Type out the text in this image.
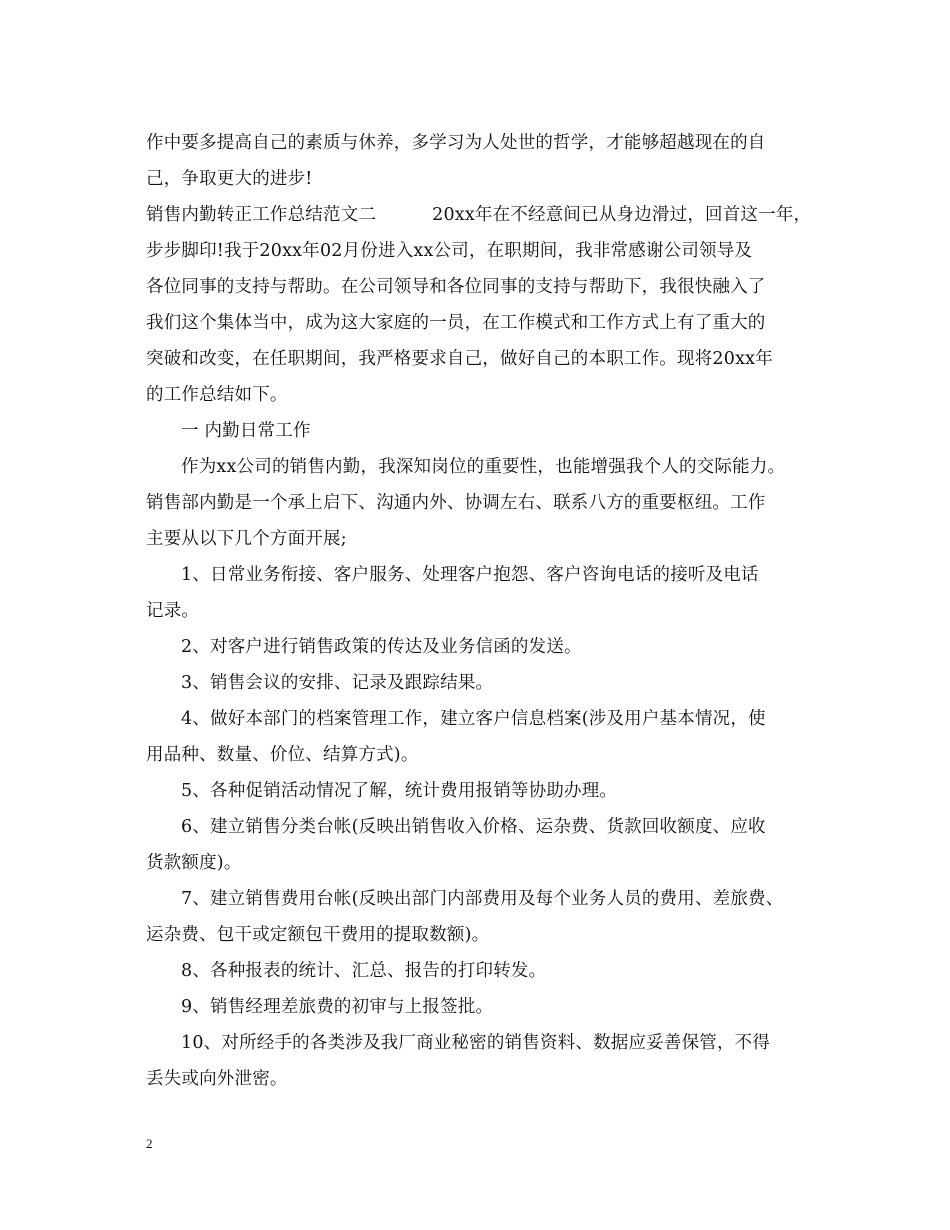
作中要多提高自己的素质与休养，多学习为人处世的哲学，才能够超越现在的自
己，争取更大的进步!
销售内勤转正工作总结范文二	20xx年在不经意间已从身边滑过，回首这一年，
步步脚印!我于20xx年02月份进入xx公司，在职期间，我非常感谢公司领导及
各位同事的支持与帮助。在公司领导和各位同事的支持与帮助下，我很快融入了
我们这个集体当中，成为这大家庭的一员，在工作模式和工作方式上有了重大的
突破和改变，在任职期间，我严格要求自己，做好自己的本职工作。现将20xx年
的工作总结如下。
一 内勤日常工作
作为xx公司的销售内勤，我深知岗位的重要性，也能增强我个人的交际能力。
销售部内勤是一个承上启下、沟通内外、协调左右、联系八方的重要枢纽。工作
主要从以下几个方面开展;
1、日常业务衔接、客户服务、处理客户抱怨、客户咨询电话的接听及电话
记录。
2、对客户进行销售政策的传达及业务信函的发送。
3、销售会议的安排、记录及跟踪结果。
4、做好本部门的档案管理工作，建立客户信息档案(涉及用户基本情况，使
用品种、数量、价位、结算方式)。
5、各种促销活动情况了解，统计费用报销等协助办理。
6、建立销售分类台帐(反映出销售收入价格、运杂费、货款回收额度、应收
货款额度)。
7、建立销售费用台帐(反映出部门内部费用及每个业务人员的费用、差旅费、
运杂费、包干或定额包干费用的提取数额)。
8、各种报表的统计、汇总、报告的打印转发。
9、销售经理差旅费的初审与上报签批。
10、对所经手的各类涉及我厂商业秘密的销售资料、数据应妥善保管，不得
丢失或向外泄密。
2
